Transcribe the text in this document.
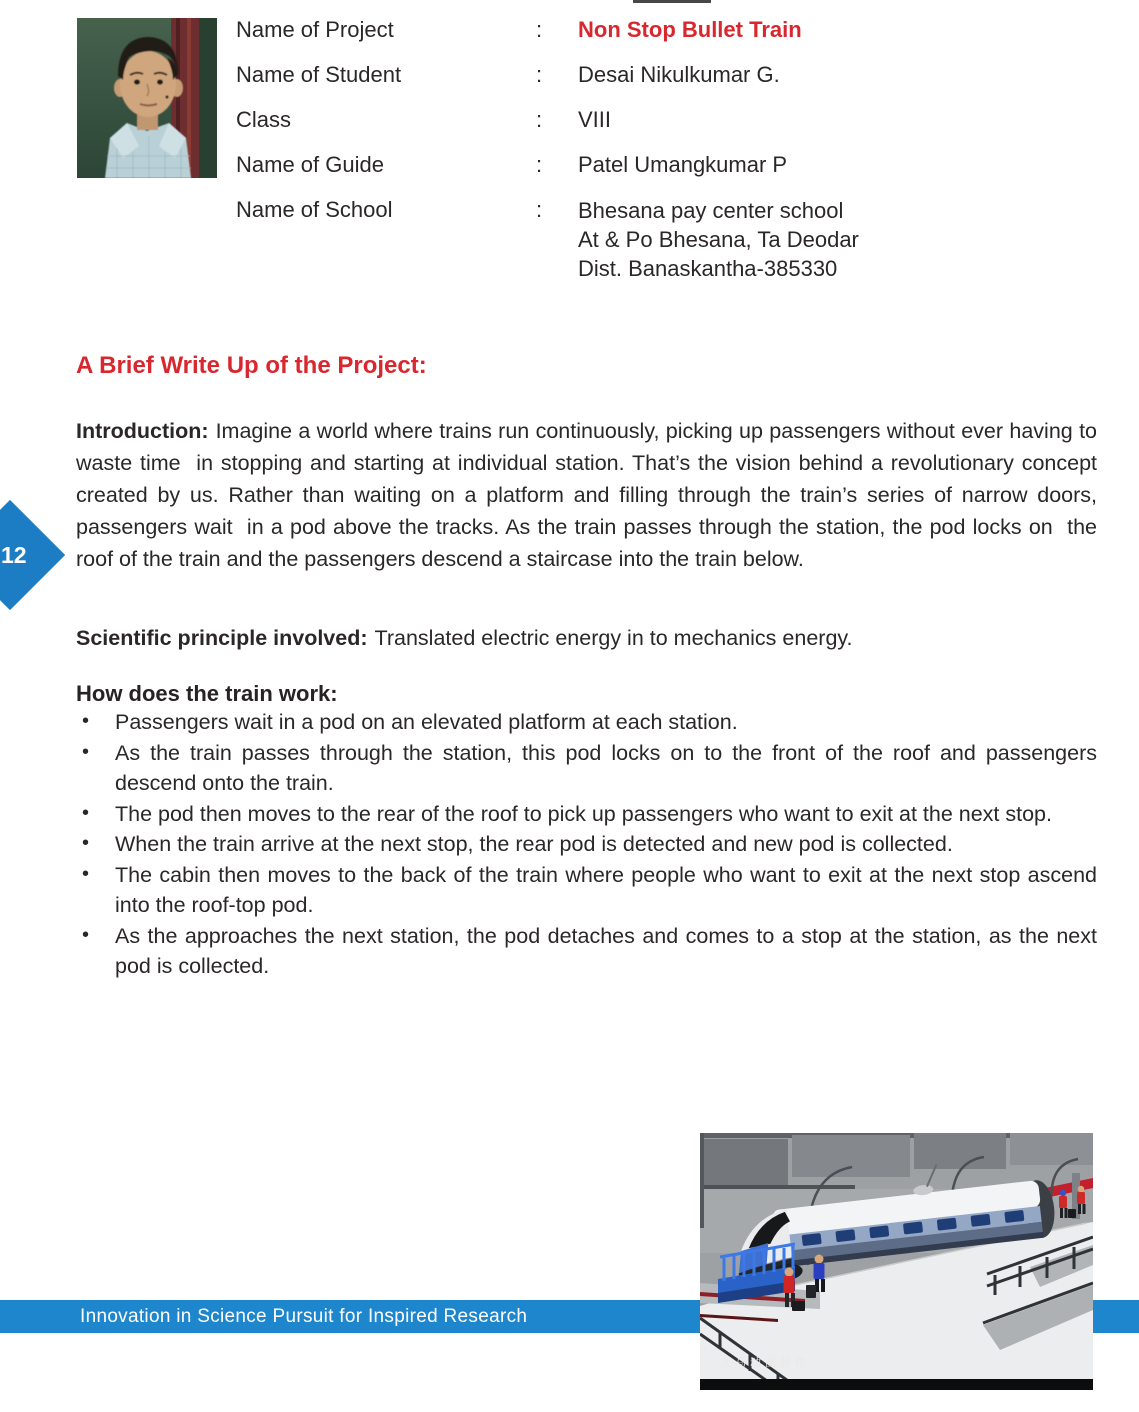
Name of Project	:	Non Stop Bullet Train
Name of Student	:	Desai Nikulkumar G.
Class	:	VIII
Name of Guide	:	Patel Umangkumar P
Name of School	:	Bhesana pay center school
At & Po Bhesana, Ta Deodar
Dist. Banaskantha-385330
A Brief Write Up of the Project:

Introduction: Imagine a world where trains run continuously, picking up passengers without ever having to waste time  in stopping and starting at individual station. That’s the vision behind a revolutionary concept created by us. Rather than waiting on a platform and filling through the train’s series of narrow doors, passengers wait  in a pod above the tracks. As the train passes through the station, the pod locks on  the roof of the train and the passengers descend a staircase into the train below.

Scientific principle involved: Translated electric energy in to mechanics energy.

How does the train work:
• Passengers wait in a pod on an elevated platform at each station.
• As the train passes through the station, this pod locks on to the front of the roof and passengers descend onto the train.
• The pod then moves to the rear of the roof to pick up passengers who want to exit at the next stop.
• When the train arrive at the next stop, the rear pod is detected and new pod is collected.
• The cabin then moves to the back of the train where people who want to exit at the next stop ascend into the roof-top pod.
• As the approaches the next station, the pod detaches and comes to a stop at the station, as the next pod is collected.
12
Innovation in Science Pursuit for Inspired Research
人马动画制作
